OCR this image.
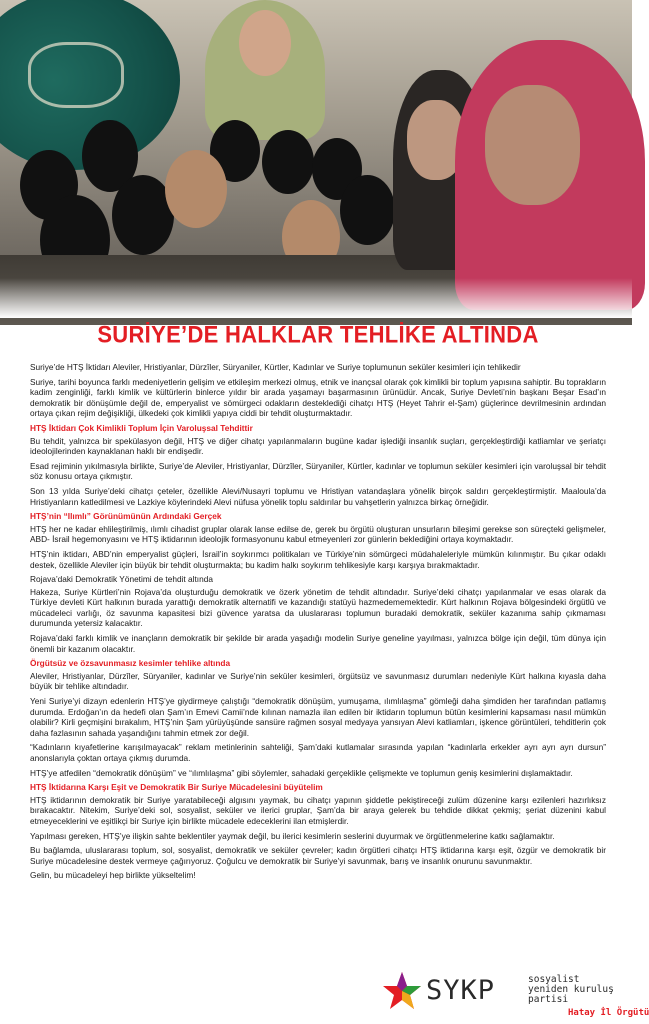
SURİYE’DE HALKLAR TEHLİKE ALTINDA

Suriye’de HTŞ İktidarı Aleviler, Hristiyanlar, Dürzîler, Süryaniler, Kürtler, Kadınlar ve Suriye toplumunun seküler kesimleri için tehlikedir

Suriye, tarihi boyunca farklı medeniyetlerin gelişim ve etkileşim merkezi olmuş, etnik ve inançsal olarak çok kimlikli bir toplum yapısına sahiptir. Bu toprakların kadim zenginliği, farklı kimlik ve kültürlerin binlerce yıldır bir arada yaşamayı başarmasının ürünüdür. Ancak, Suriye Devleti’nin başkanı Beşar Esad’ın demokratik bir dönüşümle değil de, emperyalist ve sömürgeci odakların desteklediği cihatçı HTŞ (Heyet Tahrir el-Şam) güçlerince devrilmesinin ardından ortaya çıkan rejim değişikliği, ülkedeki çok kimlikli yapıya ciddi bir tehdit oluşturmaktadır.

HTŞ İktidarı Çok Kimlikli Toplum İçin Varoluşsal Tehdittir

Bu tehdit, yalnızca bir spekülasyon değil, HTŞ ve diğer cihatçı yapılanmaların bugüne kadar işlediği insanlık suçları, gerçekleştirdiği katliamlar ve şeriatçı ideolojilerinden kaynaklanan haklı bir endişedir.

Esad rejiminin yıkılmasıyla birlikte, Suriye’de Aleviler, Hristiyanlar, Dürzîler, Süryaniler, Kürtler, kadınlar ve toplumun seküler kesimleri için varoluşsal bir tehdit söz konusu ortaya çıkmıştır.

Son 13 yılda Suriye’deki cihatçı çeteler, özellikle Alevi/Nusayri toplumu ve Hristiyan vatandaşlara yönelik birçok saldırı gerçekleştirmiştir. Maaloula’da Hristiyanların katledilmesi ve Lazkiye köylerindeki Alevi nüfusa yönelik toplu saldırılar bu vahşetlerin yalnızca birkaç örneğidir.

HTŞ’nin “Ilımlı” Görünümünün Ardındaki Gerçek

HTŞ her ne kadar ehlileştirilmiş, ılımlı cihadist gruplar olarak lanse edilse de, gerek bu örgütü oluşturan unsurların bileşimi gerekse son süreçteki gelişmeler, ABD- İsrail hegemonyasını ve HTŞ iktidarının ideolojik formasyonunu kabul etmeyenleri zor günlerin beklediğini ortaya koymaktadır.

HTŞ’nin iktidarı, ABD’nin emperyalist güçleri, İsrail’in soykırımcı politikaları ve Türkiye’nin sömürgeci müdahaleleriyle mümkün kılınmıştır. Bu çıkar odaklı destek, özellikle Aleviler için büyük bir tehdit oluşturmakta; bu kadim halkı soykırım tehlikesiyle karşı karşıya bırakmaktadır.

Rojava’daki Demokratik Yönetimi de tehdit altında

Hakeza, Suriye Kürtleri’nin Rojava’da oluşturduğu demokratik ve özerk yönetim de tehdit altındadır. Suriye’deki cihatçı yapılanmalar ve esas olarak da Türkiye devleti Kürt halkının burada yarattığı demokratik alternatifi ve kazandığı statüyü hazmedememektedir. Kürt halkının Rojava bölgesindeki örgütlü ve mücadeleci varlığı, öz savunma kapasitesi bizi güvence yaratsa da uluslararası toplumun buradaki demokratik, seküler kazanıma sahip çıkmaması durumunda yetersiz kalacaktır.

Rojava’daki farklı kimlik ve inançların demokratik bir şekilde bir arada yaşadığı modelin Suriye geneline yayılması, yalnızca bölge için değil, tüm dünya için önemli bir kazanım olacaktır.

Örgütsüz ve özsavunmasız kesimler tehlike altında

Aleviler, Hristiyanlar, Dürzîler, Süryaniler, kadınlar ve Suriye’nin seküler kesimleri, örgütsüz ve savunmasız durumları nedeniyle Kürt halkına kıyasla daha büyük bir tehlike altındadır.

Yeni Suriye’yi dizayn edenlerin HTŞ’ye giydirmeye çalıştığı “demokratik dönüşüm, yumuşama, ılımlılaşma” gömleği daha şimdiden her tarafından patlamış durumda. Erdoğan’ın da hedefi olan Şam’ın Emevi Camii’nde kılınan namazla ilan edilen bir iktidarın toplumun bütün kesimlerini kapsaması nasıl mümkün olabilir? Kirli geçmişini bırakalım, HTŞ’nin Şam yürüyüşünde sansüre rağmen sosyal medyaya yansıyan Alevi katliamları, işkence görüntüleri, tehditlerin çok daha fazlasının sahada yaşandığını tahmin etmek zor değil.

“Kadınların kıyafetlerine karışılmayacak” reklam metinlerinin sahteliği, Şam’daki kutlamalar sırasında yapılan “kadınlarla erkekler ayrı ayrı ayrı dursun” anonslarıyla çoktan ortaya çıkmış durumda.

HTŞ’ye atfedilen “demokratik dönüşüm” ve “ılımlılaşma” gibi söylemler, sahadaki gerçeklikle çelişmekte ve toplumun geniş kesimlerini dışlamaktadır.

HTŞ İktidarına Karşı Eşit ve Demokratik Bir Suriye Mücadelesini büyütelim

HTŞ iktidarının demokratik bir Suriye yaratabileceği algısını yaymak, bu cihatçı yapının şiddetle pekiştireceği zulüm düzenine karşı ezilenleri hazırlıksız bırakacaktır. Nitekim, Suriye’deki sol, sosyalist, seküler ve ilerici gruplar, Şam’da bir araya gelerek bu tehdide dikkat çekmiş; şeriat düzenini kabul etmeyeceklerini ve eşitlikçi bir Suriye için birlikte mücadele edeceklerini ilan etmişlerdir.

Yapılması gereken, HTŞ’ye ilişkin sahte beklentiler yaymak değil, bu ilerici kesimlerin seslerini duyurmak ve örgütlenmelerine katkı sağlamaktır.

Bu bağlamda, uluslararası toplum, sol, sosyalist, demokratik ve seküler çevreler; kadın örgütleri cihatçı HTŞ iktidarına karşı eşit, özgür ve demokratik bir Suriye mücadelesine destek vermeye çağırıyoruz. Çoğulcu ve demokratik bir Suriye’yi savunmak, barış ve insanlık onurunu savunmaktır.

Gelin, bu mücadeleyi hep birlikte yükseltelim!

SYKP	sosyalist
yeniden kuruluş
partisi
Hatay İl Örgütü
